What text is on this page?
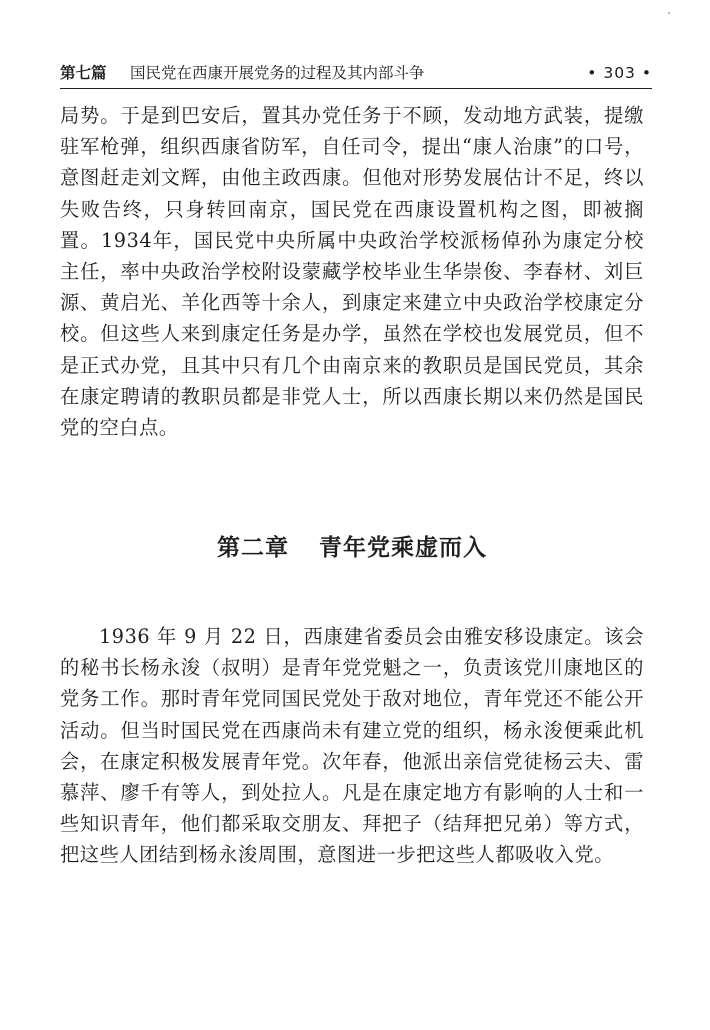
第七篇 国民党在西康开展党务的过程及其内部斗争	• 303 •

局势。于是到巴安后，置其办党任务于不顾，发动地方武装，提缴驻军枪弹，组织西康省防军，自任司令，提出“康人治康”的口号，意图赶走刘文辉，由他主政西康。但他对形势发展估计不足，终以失败告终，只身转回南京，国民党在西康设置机构之图，即被搁置。1934年，国民党中央所属中央政治学校派杨倬孙为康定分校主任，率中央政治学校附设蒙藏学校毕业生华崇俊、李春材、刘巨源、黄启光、羊化西等十余人，到康定来建立中央政治学校康定分校。但这些人来到康定任务是办学，虽然在学校也发展党员，但不是正式办党，且其中只有几个由南京来的教职员是国民党员，其余在康定聘请的教职员都是非党人士，所以西康长期以来仍然是国民党的空白点。

第二章 青年党乘虚而入

1936 年 9 月 22 日，西康建省委员会由雅安移设康定。该会的秘书长杨永浚（叔明）是青年党党魁之一，负责该党川康地区的党务工作。那时青年党同国民党处于敌对地位，青年党还不能公开活动。但当时国民党在西康尚未有建立党的组织，杨永浚便乘此机会，在康定积极发展青年党。次年春，他派出亲信党徒杨云夫、雷慕萍、廖千有等人，到处拉人。凡是在康定地方有影响的人士和一些知识青年，他们都采取交朋友、拜把子（结拜把兄弟）等方式，把这些人团结到杨永浚周围，意图进一步把这些人都吸收入党。
